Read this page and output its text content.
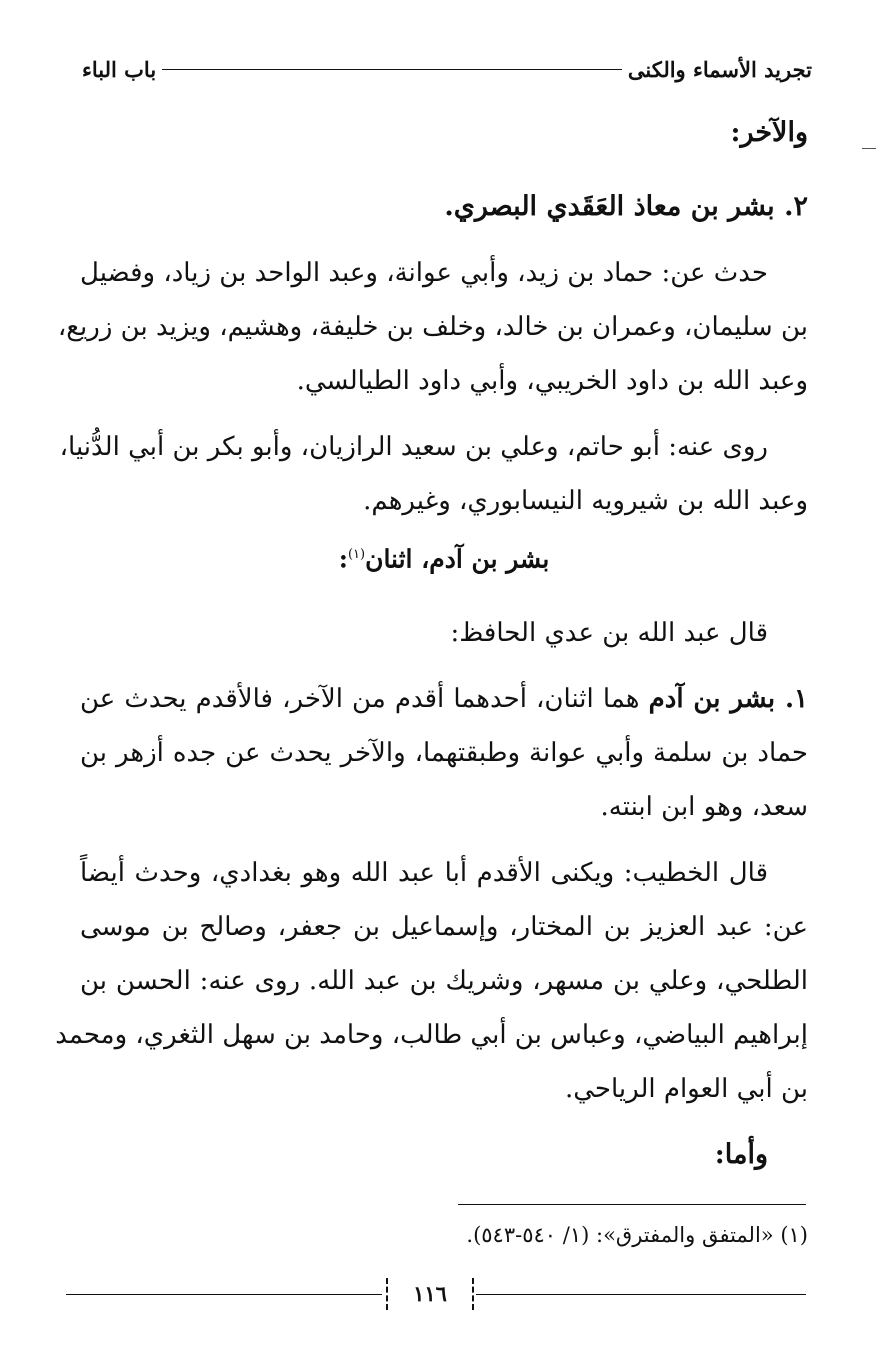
تجريد الأسماء والكنى
باب الباء
والآخر:
٢. بشر بن معاذ العَقَدي البصري.
حدث عن: حماد بن زيد، وأبي عوانة، وعبد الواحد بن زياد، وفضيل
بن سليمان، وعمران بن خالد، وخلف بن خليفة، وهشيم، ويزيد بن زريع،
وعبد الله بن داود الخريبي، وأبي داود الطيالسي.
روى عنه: أبو حاتم، وعلي بن سعيد الرازيان، وأبو بكر بن أبي الدُّنيا،
وعبد الله بن شيرويه النيسابوري، وغيرهم.
بشر بن آدم، اثنان$^{(١)}$:
قال عبد الله بن عدي الحافظ:
١. بشر بن آدم هما اثنان، أحدهما أقدم من الآخر، فالأقدم يحدث عن
حماد بن سلمة وأبي عوانة وطبقتهما، والآخر يحدث عن جده أزهر بن
سعد، وهو ابن ابنته.
قال الخطيب: ويكنى الأقدم أبا عبد الله وهو بغدادي، وحدث أيضاً
عن: عبد العزيز بن المختار، وإسماعيل بن جعفر، وصالح بن موسى
الطلحي، وعلي بن مسهر، وشريك بن عبد الله. روى عنه: الحسن بن
إبراهيم البياضي، وعباس بن أبي طالب، وحامد بن سهل الثغري، ومحمد
بن أبي العوام الرياحي.
وأما:
(١) «المتفق والمفترق»: (١/ ٥٤٠-٥٤٣).
١١٦
